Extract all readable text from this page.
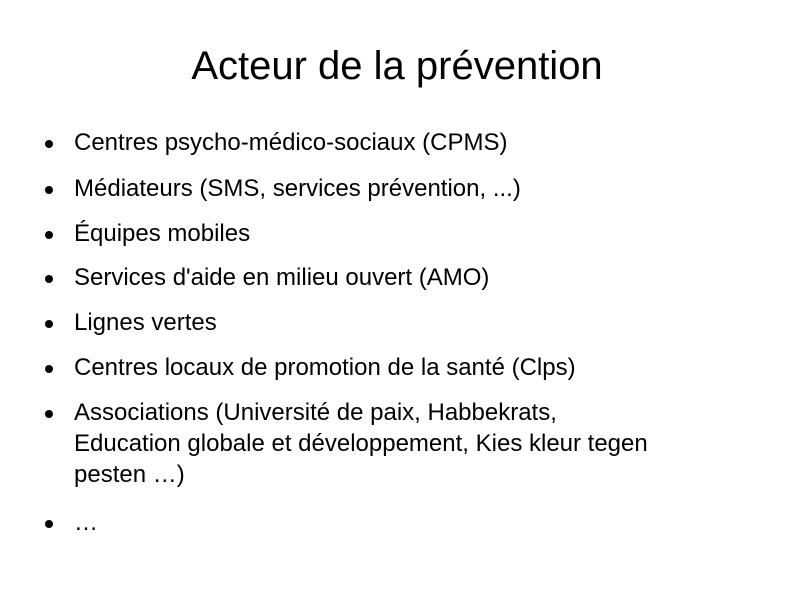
Acteur de la prévention
Centres psycho-médico-sociaux (CPMS)
Médiateurs (SMS, services prévention, ...)
Équipes mobiles
Services d'aide en milieu ouvert (AMO)
Lignes vertes
Centres locaux de promotion de la santé (Clps)
Associations (Université de paix, Habbekrats,
Education globale et développement, Kies kleur tegen
pesten …)
…
